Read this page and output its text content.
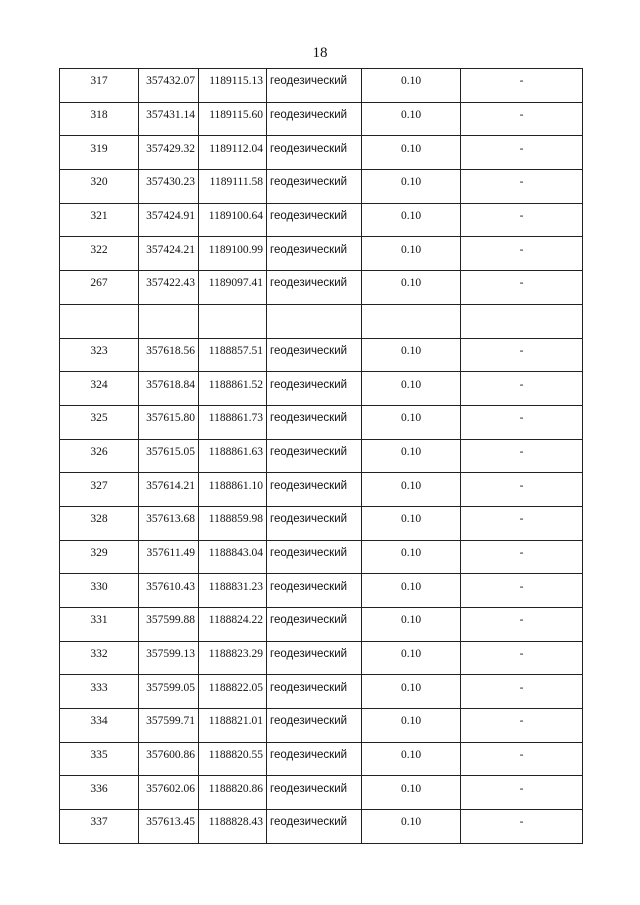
18
317	357432.07	1189115.13	геодезический	0.10	-
318	357431.14	1189115.60	геодезический	0.10	-
319	357429.32	1189112.04	геодезический	0.10	-
320	357430.23	1189111.58	геодезический	0.10	-
321	357424.91	1189100.64	геодезический	0.10	-
322	357424.21	1189100.99	геодезический	0.10	-
267	357422.43	1189097.41	геодезический	0.10	-

323	357618.56	1188857.51	геодезический	0.10	-
324	357618.84	1188861.52	геодезический	0.10	-
325	357615.80	1188861.73	геодезический	0.10	-
326	357615.05	1188861.63	геодезический	0.10	-
327	357614.21	1188861.10	геодезический	0.10	-
328	357613.68	1188859.98	геодезический	0.10	-
329	357611.49	1188843.04	геодезический	0.10	-
330	357610.43	1188831.23	геодезический	0.10	-
331	357599.88	1188824.22	геодезический	0.10	-
332	357599.13	1188823.29	геодезический	0.10	-
333	357599.05	1188822.05	геодезический	0.10	-
334	357599.71	1188821.01	геодезический	0.10	-
335	357600.86	1188820.55	геодезический	0.10	-
336	357602.06	1188820.86	геодезический	0.10	-
337	357613.45	1188828.43	геодезический	0.10	-
